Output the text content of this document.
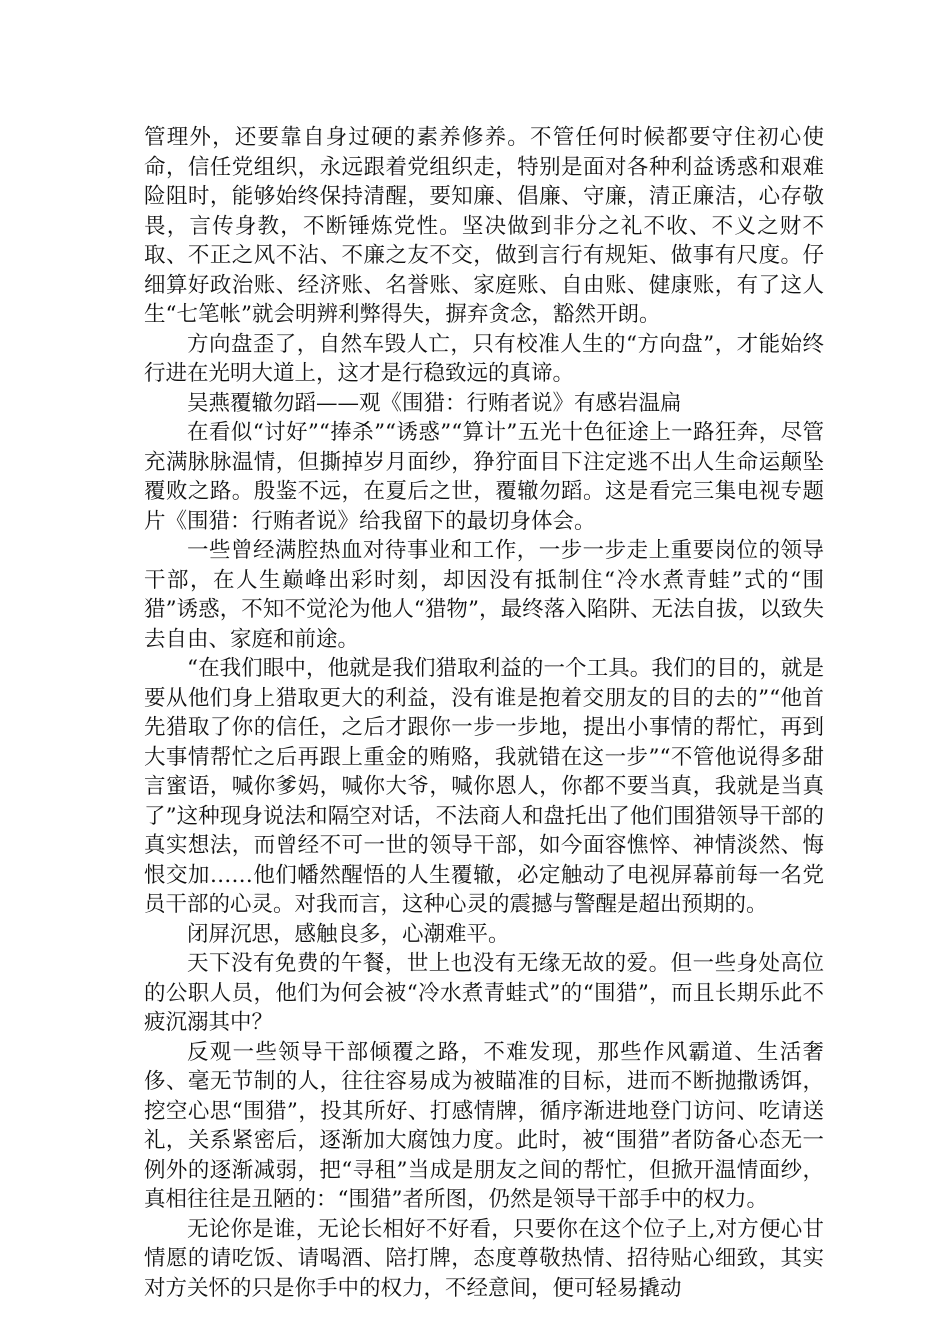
管理外，还要靠自身过硬的素养修养。不管任何时候都要守住初心使命，信任党组织，永远跟着党组织走，特别是面对各种利益诱惑和艰难险阻时，能够始终保持清醒，要知廉、倡廉、守廉，清正廉洁，心存敬畏，言传身教，不断锤炼党性。坚决做到非分之礼不收、不义之财不取、不正之风不沾、不廉之友不交，做到言行有规矩、做事有尺度。仔细算好政治账、经济账、名誉账、家庭账、自由账、健康账，有了这人生“七笔帐”就会明辨利弊得失，摒弃贪念，豁然开朗。

方向盘歪了，自然车毁人亡，只有校准人生的“方向盘”，才能始终行进在光明大道上，这才是行稳致远的真谛。

吴燕覆辙勿蹈——观《围猎：行贿者说》有感岩温扁

在看似“讨好”“捧杀”“诱惑”“算计”五光十色征途上一路狂奔，尽管充满脉脉温情，但撕掉岁月面纱，狰狞面目下注定逃不出人生命运颠坠覆败之路。殷鉴不远，在夏后之世，覆辙勿蹈。这是看完三集电视专题片《围猎：行贿者说》给我留下的最切身体会。

一些曾经满腔热血对待事业和工作，一步一步走上重要岗位的领导干部，在人生巅峰出彩时刻，却因没有抵制住“冷水煮青蛙”式的“围猎”诱惑，不知不觉沦为他人“猎物”，最终落入陷阱、无法自拔，以致失去自由、家庭和前途。

“在我们眼中，他就是我们猎取利益的一个工具。我们的目的，就是要从他们身上猎取更大的利益，没有谁是抱着交朋友的目的去的”“他首先猎取了你的信任，之后才跟你一步一步地，提出小事情的帮忙，再到大事情帮忙之后再跟上重金的贿赂，我就错在这一步”“不管他说得多甜言蜜语，喊你爹妈，喊你大爷，喊你恩人，你都不要当真，我就是当真了”这种现身说法和隔空对话，不法商人和盘托出了他们围猎领导干部的真实想法，而曾经不可一世的领导干部，如今面容憔悴、神情淡然、悔恨交加……他们幡然醒悟的人生覆辙，必定触动了电视屏幕前每一名党员干部的心灵。对我而言，这种心灵的震撼与警醒是超出预期的。

闭屏沉思，感触良多，心潮难平。

天下没有免费的午餐，世上也没有无缘无故的爱。但一些身处高位的公职人员，他们为何会被“冷水煮青蛙式”的“围猎”，而且长期乐此不疲沉溺其中？

反观一些领导干部倾覆之路，不难发现，那些作风霸道、生活奢侈、毫无节制的人，往往容易成为被瞄准的目标，进而不断抛撒诱饵，挖空心思“围猎”，投其所好、打感情牌，循序渐进地登门访问、吃请送礼，关系紧密后，逐渐加大腐蚀力度。此时，被“围猎”者防备心态无一例外的逐渐减弱，把“寻租”当成是朋友之间的帮忙，但掀开温情面纱，真相往往是丑陋的：“围猎”者所图，仍然是领导干部手中的权力。

无论你是谁，无论长相好不好看，只要你在这个位子上,对方便心甘情愿的请吃饭、请喝酒、陪打牌，态度尊敬热情、招待贴心细致，其实对方关怀的只是你手中的权力，不经意间，便可轻易撬动
